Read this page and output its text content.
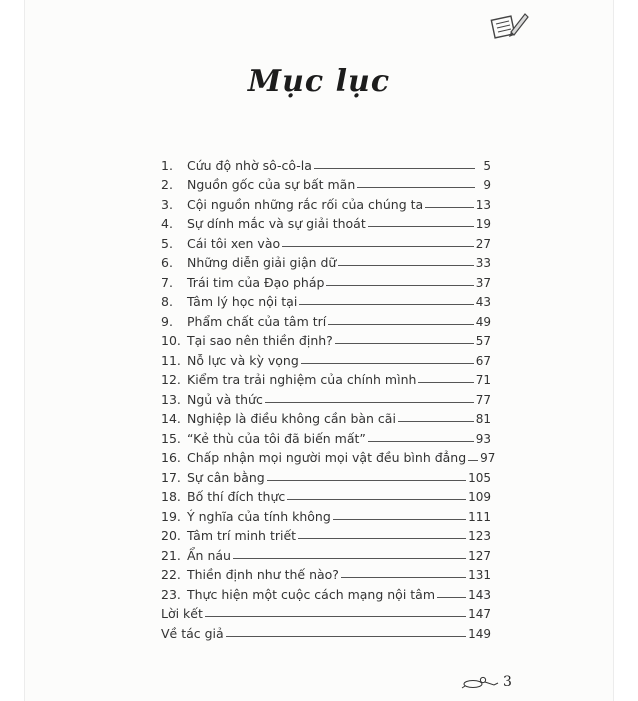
Mục lục
1.	Cứu độ nhờ sô-cô-la	5
2.	Nguồn gốc của sự bất mãn	9
3.	Cội nguồn những rắc rối của chúng ta	13
4.	Sự dính mắc và sự giải thoát	19
5.	Cái tôi xen vào	27
6.	Những diễn giải giận dữ	33
7.	Trái tim của Đạo pháp	37
8.	Tâm lý học nội tại	43
9.	Phẩm chất của tâm trí	49
10. Tại sao nên thiền định?	57
11. Nỗ lực và kỳ vọng	67
12. Kiểm tra trải nghiệm của chính mình	71
13. Ngủ và thức	77
14. Nghiệp là điều không cần bàn cãi	81
15. “Kẻ thù của tôi đã biến mất”	93
16. Chấp nhận mọi người mọi vật đều bình đẳng 97
17. Sự cân bằng	105
18. Bố thí đích thực	109
19. Ý nghĩa của tính không	111
20. Tâm trí minh triết	123
21. Ẩn náu	127
22. Thiền định như thế nào?	131
23. Thực hiện một cuộc cách mạng nội tâm	143
Lời kết	147
Về tác giả	149
3
